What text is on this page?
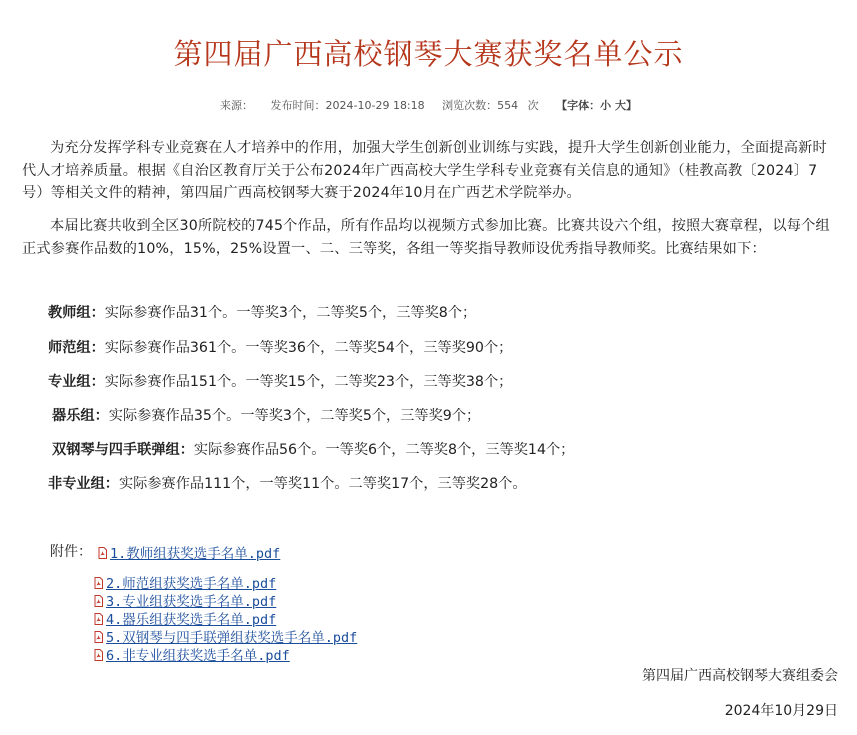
第四届广西高校钢琴大赛获奖名单公示
来源： 发布时间：2024-10-29 18:18 浏览次数：554 次 【字体：小 大】
为充分发挥学科专业竞赛在人才培养中的作用，加强大学生创新创业训练与实践，提升大学生创新创业能力，全面提高新时代人才培养质量。根据《自治区教育厅关于公布2024年广西高校大学生学科专业竞赛有关信息的通知》（桂教高教〔2024〕7号）等相关文件的精神，第四届广西高校钢琴大赛于2024年10月在广西艺术学院举办。
本届比赛共收到全区30所院校的745个作品，所有作品均以视频方式参加比赛。比赛共设六个组，按照大赛章程，以每个组正式参赛作品数的10%，15%，25%设置一、二、三等奖，各组一等奖指导教师设优秀指导教师奖。比赛结果如下：
教师组：实际参赛作品31个。一等奖3个，二等奖5个，三等奖8个；
师范组：实际参赛作品361个。一等奖36个，二等奖54个，三等奖90个；
专业组：实际参赛作品151个。一等奖15个，二等奖23个，三等奖38个；
器乐组：实际参赛作品35个。一等奖3个，二等奖5个，三等奖9个；
双钢琴与四手联弹组：实际参赛作品56个。一等奖6个，二等奖8个，三等奖14个；
非专业组：实际参赛作品111个，一等奖11个。二等奖17个，三等奖28个。
附件：	1.教师组获奖选手名单.pdf
2.师范组获奖选手名单.pdf
3.专业组获奖选手名单.pdf
4.器乐组获奖选手名单.pdf
5.双钢琴与四手联弹组获奖选手名单.pdf
6.非专业组获奖选手名单.pdf
第四届广西高校钢琴大赛组委会
2024年10月29日
